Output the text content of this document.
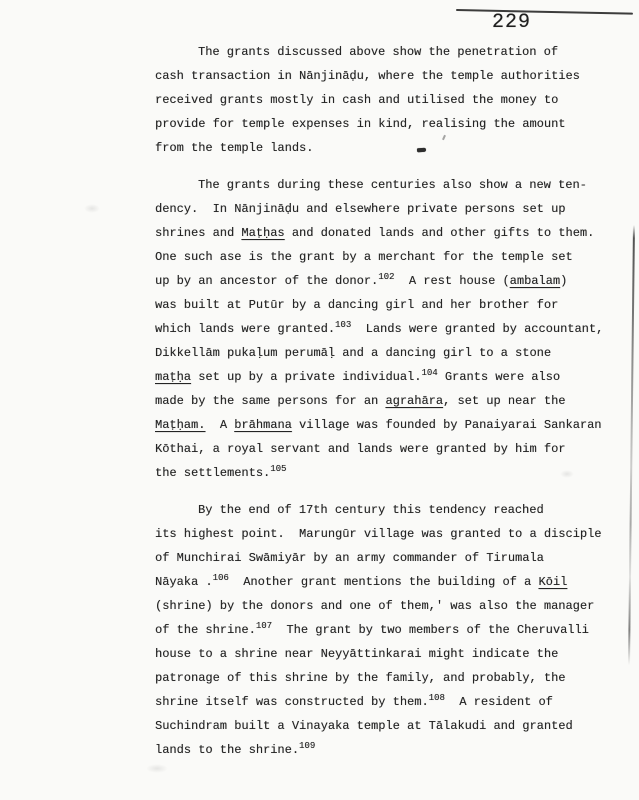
229
The grants discussed above show the penetration of
cash transaction in Nānjināḍu, where the temple authorities
received grants mostly in cash and utilised the money to
provide for temple expenses in kind, realising the amount
from the temple lands.
The grants during these centuries also show a new ten-
dency.  In Nānjināḍu and elsewhere private persons set up
shrines and Maṭḥas and donated lands and other gifts to them.
One such ase is the grant by a merchant for the temple set
up by an ancestor of the donor.$^{102}$  A rest house (ambalam)
was built at Putūr by a dancing girl and her brother for
which lands were granted.$^{103}$  Lands were granted by accountant,
Dikkellām pukaḷum perumāḷ and a dancing girl to a stone
maṭḥa set up by a private individual.$^{104}$ Grants were also
made by the same persons for an agrahāra, set up near the
Maṭḥam.  A brāhmana village was founded by Panaiyarai Sankaran
Kōthai, a royal servant and lands were granted by him for
the settlements.$^{105}$
By the end of 17th century this tendency reached
its highest point.  Marungūr village was granted to a disciple
of Munchirai Swāmiyār by an army commander of Tirumala
Nāyaka .$^{106}$  Another grant mentions the building of a Kōil
(shrine) by the donors and one of them,' was also the manager
of the shrine.$^{107}$  The grant by two members of the Cheruvalli
house to a shrine near Neyyāttinkarai might indicate the
patronage of this shrine by the family, and probably, the
shrine itself was constructed by them.$^{108}$  A resident of
Suchindram built a Vinayaka temple at Tālakudi and granted
lands to the shrine.$^{109}$
